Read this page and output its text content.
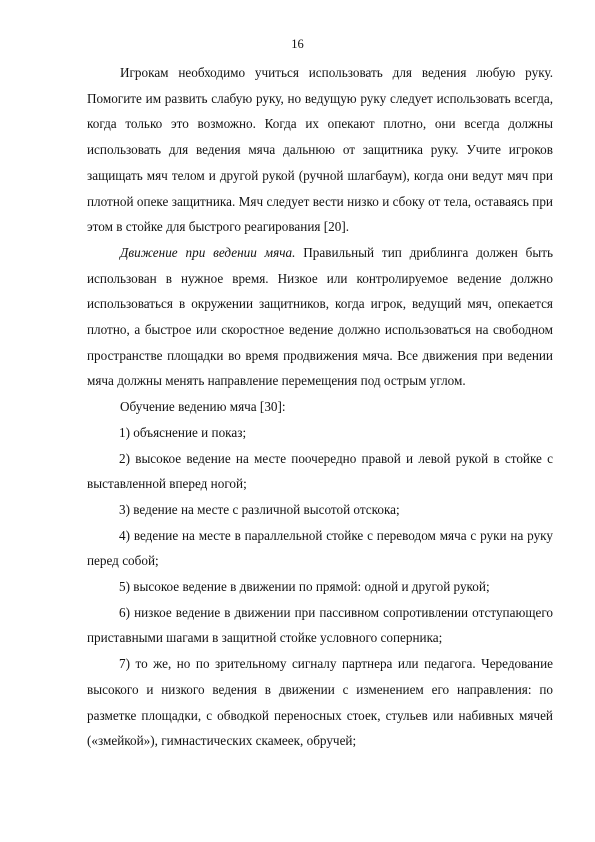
16

Игрокам необходимо учиться использовать для ведения любую руку. Помогите им развить слабую руку, но ведущую руку следует использовать всегда, когда только это возможно. Когда их опекают плотно, они всегда должны использовать для ведения мяча дальнюю от защитника руку. Учите игроков защищать мяч телом и другой рукой (ручной шлагбаум), когда они ведут мяч при плотной опеке защитника. Мяч следует вести низко и сбоку от тела, оставаясь при этом в стойке для быстрого реагирования [20].

Движение при ведении мяча. Правильный тип дриблинга должен быть использован в нужное время. Низкое или контролируемое ведение должно использоваться в окружении защитников, когда игрок, ведущий мяч, опекается плотно, а быстрое или скоростное ведение должно использоваться на свободном пространстве площадки во время продвижения мяча. Все движения при ведении мяча должны менять направление перемещения под острым углом.

Обучение ведению мяча [30]:

1) объяснение и показ;

2) высокое ведение на месте поочередно правой и левой рукой в стойке с выставленной вперед ногой;

3) ведение на месте с различной высотой отскока;

4) ведение на месте в параллельной стойке с переводом мяча с руки на руку перед собой;

5) высокое ведение в движении по прямой: одной и другой рукой;

6) низкое ведение в движении при пассивном сопротивлении отступающего приставными шагами в защитной стойке условного соперника;

7) то же, но по зрительному сигналу партнера или педагога. Чередование высокого и низкого ведения в движении с изменением его направления: по разметке площадки, с обводкой переносных стоек, стульев или набивных мячей («змейкой»), гимнастических скамеек, обручей;
